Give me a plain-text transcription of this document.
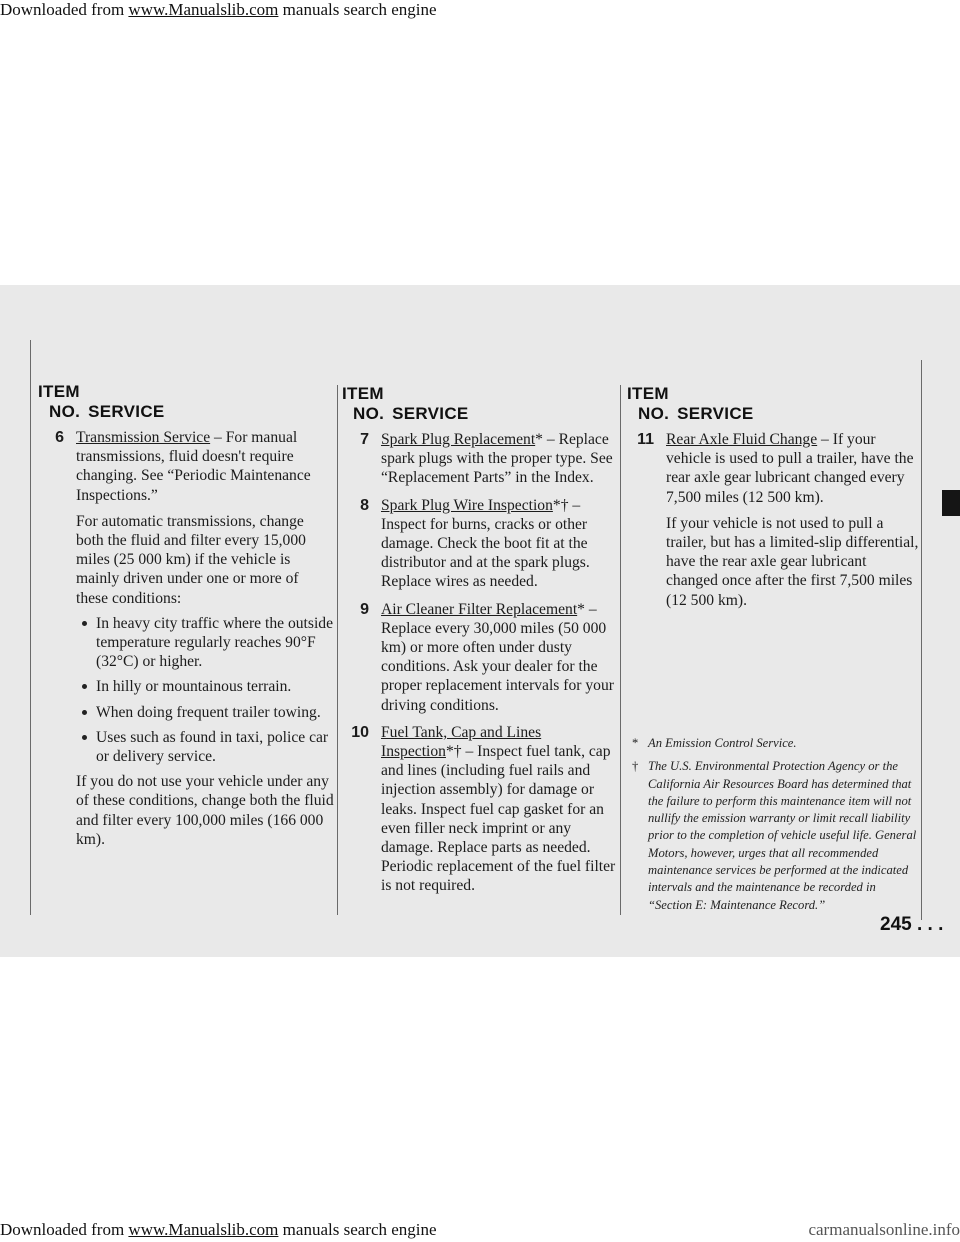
Downloaded from www.Manualslib.com manuals search engine
ITEM
NO. SERVICE
6 Transmission Service – For manual transmissions, fluid doesn't require changing. See “Periodic Maintenance Inspections.”

For automatic transmissions, change both the fluid and filter every 15,000 miles (25 000 km) if the vehicle is mainly driven under one or more of these conditions:

In heavy city traffic where the outside temperature regularly reaches 90°F (32°C) or higher.
In hilly or mountainous terrain.
When doing frequent trailer towing.
Uses such as found in taxi, police car or delivery service.

If you do not use your vehicle under any of these conditions, change both the fluid and filter every 100,000 miles (166 000 km).

ITEM
NO. SERVICE
7 Spark Plug Replacement* – Replace spark plugs with the proper type. See “Replacement Parts” in the Index.

8 Spark Plug Wire Inspection*† – Inspect for burns, cracks or other damage. Check the boot fit at the distributor and at the spark plugs. Replace wires as needed.

9 Air Cleaner Filter Replacement* – Replace every 30,000 miles (50 000 km) or more often under dusty conditions. Ask your dealer for the proper replacement intervals for your driving conditions.

10 Fuel Tank, Cap and Lines Inspection*† – Inspect fuel tank, cap and lines (including fuel rails and injection assembly) for damage or leaks. Inspect fuel cap gasket for an even filler neck imprint or any damage. Replace parts as needed. Periodic replacement of the fuel filter is not required.

ITEM
NO. SERVICE
11 Rear Axle Fluid Change – If your vehicle is used to pull a trailer, have the rear axle gear lubricant changed every 7,500 miles (12 500 km).

If your vehicle is not used to pull a trailer, but has a limited-slip differential, have the rear axle gear lubricant changed once after the first 7,500 miles (12 500 km).

* An Emission Control Service.
† The U.S. Environmental Protection Agency or the California Air Resources Board has determined that the failure to perform this maintenance item will not nullify the emission warranty or limit recall liability prior to the completion of vehicle useful life. General Motors, however, urges that all recommended maintenance services be performed at the indicated intervals and the maintenance be recorded in “Section E: Maintenance Record.”
245 . . .
Downloaded from www.Manualslib.com manuals search engine	carmanualsonline.info
